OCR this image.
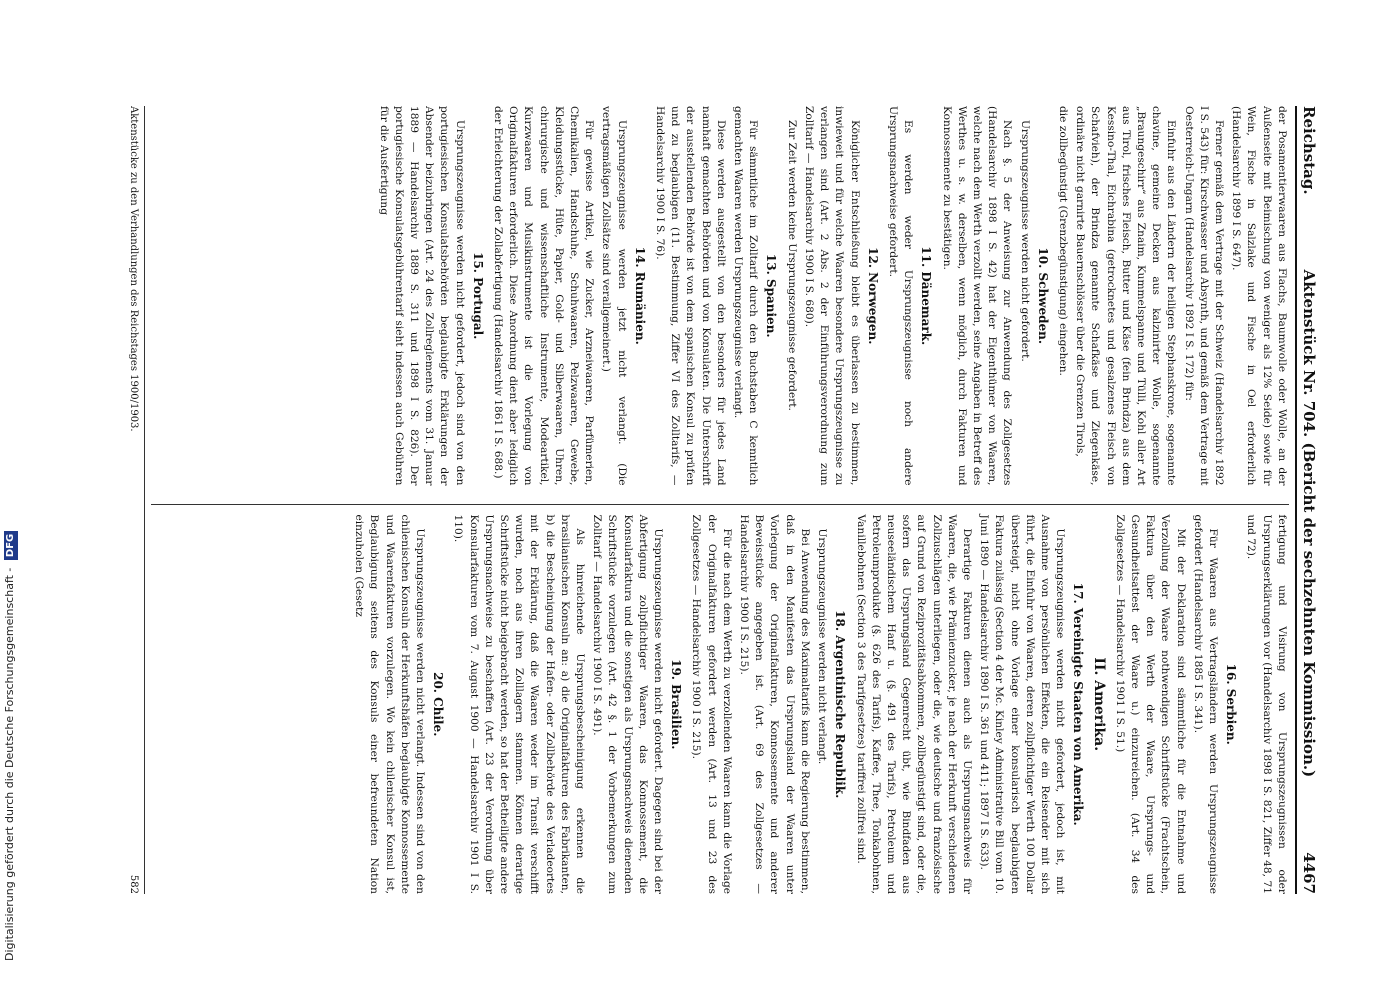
Digitalisierung gefördert durch die Deutsche Forschungsgemeinschaft - DFG
Reichstag.
Aktenstück Nr. 704. (Bericht der sechzehnten Kommission.)
4467

der Posamentierwaaren aus Flachs, Baumwolle oder Wolle, an der Außenseite mit Beimischung von weniger als 12% Seide) sowie für Wein, Fische in Salzlake und Fische in Oel erforderlich (Handelsarchiv 1899 I S. 647).

Ferner gemäß dem Vertrage mit der Schweiz (Handelsarchiv 1892 I S. 543) für: Kirschwasser und Absynth, und gemäß dem Vertrage mit Oesterreich-Ungarn (Handelsarchiv 1892 I S. 172) für:

Einfuhr aus den Ländern der heiligen Stephanskrone, sogenannte chavine, gemeine Decken aus kalzinirter Wolle, sogenannte „Braungeschirr“ aus Znaim, Kummelspanne und Tülli, Kohl aller Art aus Tirol, frisches Fleisch, Butter und Käse (fein Brindza) aus dem Kessino-Thal, Eichrabina (getrocknetes und gesalzenes Fleisch von Schafvieh), der Brindza genannte Schafkäse und Ziegenkäse, ordinäre nicht garnirte Bauernschlösser über die Grenzen Tirols,

die zollbegünstigt (Grenzbegünstigung) eingehen.

10. Schweden.

Ursprungszeugnisse werden nicht gefordert.

Nach §. 5 der Anweisung zur Anwendung des Zollgesetzes (Handelsarchiv 1898 I S. 42) hat der Eigenthümer von Waaren, welche nach dem Werth verzollt werden, seine Angaben in Betreff des Werthes u. s. w. derselben, wenn möglich, durch Fakturen und Konnossemente zu bestätigen.

11. Dänemark.

Es werden weder Ursprungszeugnisse noch andere Ursprungsnachweise gefordert.

12. Norwegen.

Königlicher Entschließung bleibt es überlassen zu bestimmen, inwieweit und für welche Waaren besondere Ursprungszeugnisse zu verlangen sind (Art. 2 Abs. 2 der Einführungsverordnung zum Zolltarif — Handelsarchiv 1900 I S. 680).

Zur Zeit werden keine Ursprungszeugnisse gefordert.

13. Spanien.

Für sämmtliche im Zolltarif durch den Buchstaben C kenntlich gemachten Waaren werden Ursprungszeugnisse verlangt.

Diese werden ausgestellt von den besonders für jedes Land namhaft gemachten Behörden und von Konsulaten. Die Unterschrift der ausstellenden Behörde ist von dem spanischen Konsul zu prüfen und zu beglaubigen (11. Bestimmung, Ziffer VI des Zolltarifs, — Handelsarchiv 1900 I S. 76).

14. Rumänien.

Ursprungszeugnisse werden jetzt nicht verlangt. (Die vertragsmäßigen Zollsätze sind verallgemeinert.)

Für gewisse Artikel, wie Zucker, Arzneiwaaren, Parfümerien, Chemikalien, Handschuhe, Schuhwaaren, Pelzwaaren, Gewebe, Kleidungsstücke, Hüte, Papier, Gold- und Silberwaaren, Uhren, chirurgische und wissenschaftliche Instrumente, Modeartikel, Kurzwaaren und Musikinstrumente ist die Vorlegung von Originalfakturen erforderlich. Diese Anordnung dient aber lediglich der Erleichterung der Zollabfertigung (Handelsarchiv 1861 I S. 688.)

15. Portugal.

Ursprungszeugnisse werden nicht gefordert, jedoch sind von den portugiesischen Konsulatsbehörden beglaubigte Erklärungen der Absender beizubringen (Art. 24 des Zollreglements vom 31. Januar 1889 — Handelsarchiv 1889 S. 311 und 1898 I S. 826). Der portugiesische Konsulatsgebührentarif sieht indessen auch Gebühren für die Ausfertigung

fertigung und Visirung von Ursprungszeugnissen oder Ursprungserklärungen vor (Handelsarchiv 1898 I S. 821, Ziffer 48, 71 und 72).

16. Serbien.

Für Waaren aus Vertragsländern werden Ursprungszeugnisse gefordert (Handelsarchiv 1885 I S. 341).

Mit der Deklaration sind sämmtliche für die Entnahme und Verzollung der Waare nothwendigen Schriftstücke (Frachtschein, Faktura über den Werth der Waare, Ursprungs- und Gesundheitsattest der Waare u.) einzureichen. (Art. 34 des Zollgesetzes — Handelsarchiv 1901 I S. 51.)

II. Amerika.
17. Vereinigte Staaten von Amerika.

Ursprungszeugnisse werden nicht gefordert, jedoch ist, mit Ausnahme von persönlichen Effekten, die ein Reisender mit sich führt, die Einfuhr von Waaren, deren zollpflichtiger Werth 100 Dollar übersteigt, nicht ohne Vorlage einer konsularisch beglaubigten Faktura zulässig (Section 4 der Mc. Kinley Administrative Bill vom 10. Juni 1890 — Handelsarchiv 1890 I S. 361 und 411; 1897 I S. 633).

Derartige Fakturen dienen auch als Ursprungsnachweis für Waaren, die, wie Prämienzucker, je nach der Herkunft verschiedenen Zollzuschlägen unterliegen, oder die, wie deutsche und französische auf Grund von Reziprozitätsabkommen, zollbegünstigt sind, oder die, sofern das Ursprungsland Gegenrecht übt, wie Bindfaden aus neuseeländischem Hanf u. (§. 491 des Tarifs), Petroleum und Petroleumprodukte (§. 626 des Tarifs), Kaffee, Thee, Tonkabohnen, Vanillebohnen (Section 3 des Tarifgesetzes) tariffrei zollfrei sind.

18. Argentinische Republik.

Ursprungszeugnisse werden nicht verlangt.

Bei Anwendung des Maximaltarifs kann die Regierung bestimmen, daß in den Manifesten das Ursprungsland der Waaren unter Vorlegung der Originalfakturen, Konnossemente und anderer Beweisstücke angegeben ist. (Art. 69 des Zollgesetzes — Handelsarchiv 1900 I S. 215).

Für die nach dem Werth zu verzollenden Waaren kann die Vorlage der Originalfakturen gefordert werden (Art. 13 und 23 des Zollgesetzes — Handelsarchiv 1900 I S. 215).

19. Brasilien.

Ursprungszeugnisse werden nicht gefordert. Dagegen sind bei der Abfertigung zollpflichtiger Waaren, das Konnossement, die Konsularfaktura und die sonstigen als Ursprungsnachweis dienenden Schriftstücke vorzulegen (Art. 42 §. 1 der Vorbemerkungen zum Zolltarif — Handelsarchiv 1900 I S. 491).

Als hinreichende Ursprungsbescheinigung erkennen die brasilianischen Konsuln an: a) die Originalfakturen des Fabrikanten, b) die Bescheinigung der Hafen- oder Zollbehörde des Verladeortes mit der Erklärung, daß die Waaren weder im Transit verschifft wurden, noch aus ihren Zolllagern stammen. Können derartige Schriftstücke nicht beigebracht werden, so hat der Betheiligte andere Ursprungsnachweise zu beschaffen (Art. 23 der Verordnung über Konsularfakturen vom 7. August 1900 — Handelsarchiv 1901 I S. 110).

20. Chile.

Ursprungszeugnisse werden nicht verlangt. Indessen sind von den chilenischen Konsuln der Herkunftshäfen beglaubigte Konnossemente und Waarenfakturen vorzulegen. Wo kein chilenischer Konsul ist, Beglaubigung seitens des Konsuls einer befreundeten Nation einzuholen (Gesetz

Aktenstücke zu den Verhandlungen des Reichstages 1900/1903.
582
